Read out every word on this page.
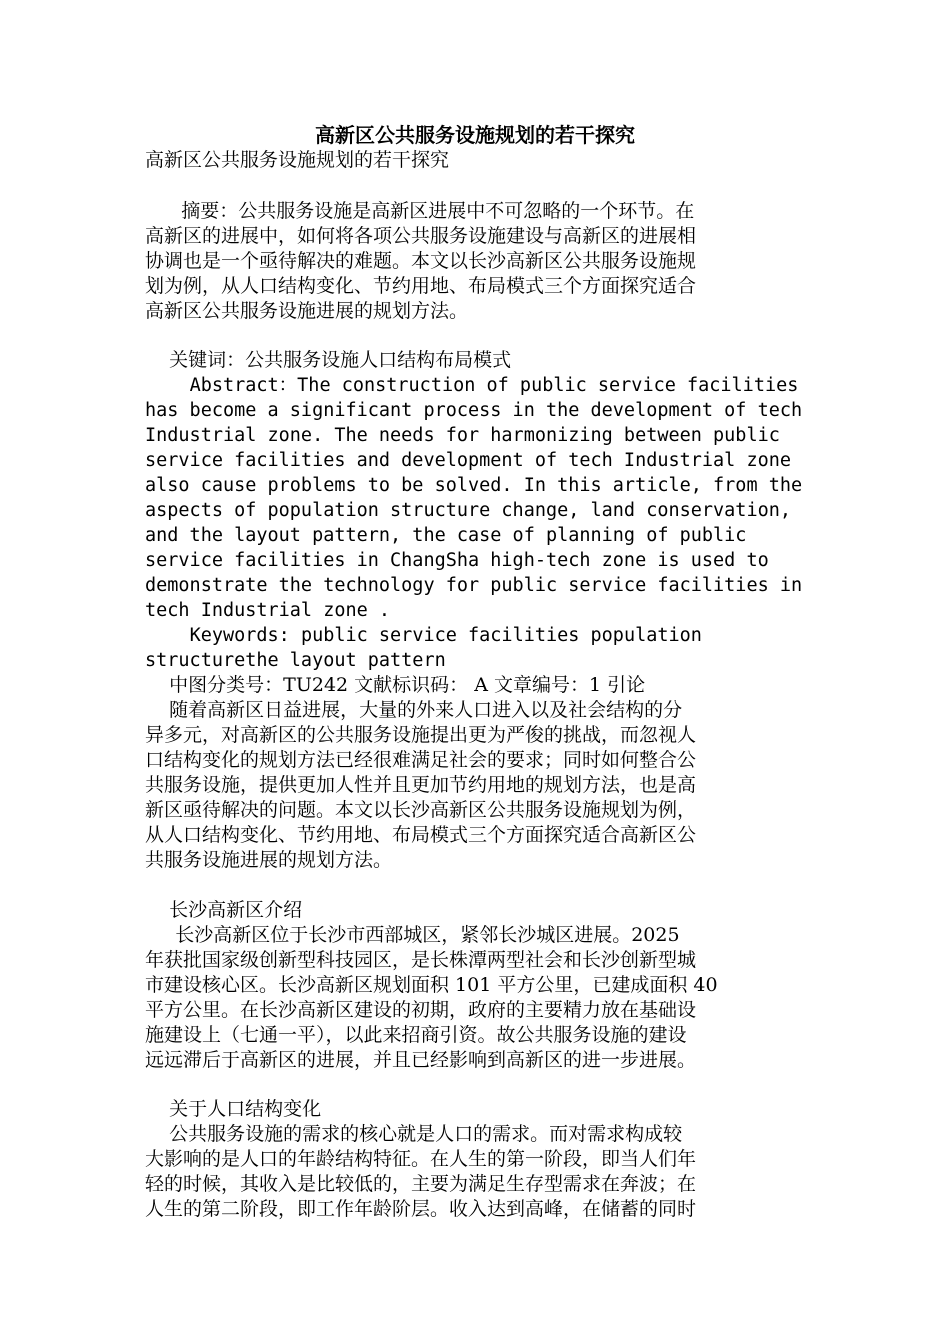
高新区公共服务设施规划的若干探究
高新区公共服务设施规划的若干探究
摘要：公共服务设施是高新区进展中不可忽略的一个环节。在
高新区的进展中，如何将各项公共服务设施建设与高新区的进展相
协调也是一个亟待解决的难题。本文以长沙高新区公共服务设施规
划为例，从人口结构变化、节约用地、布局模式三个方面探究适合
高新区公共服务设施进展的规划方法。
关键词：公共服务设施人口结构布局模式
Abstract：The construction of public service facilities
has become a significant process in the development of tech
Industrial zone. The needs for harmonizing between public
service facilities and development of tech Industrial zone
also cause problems to be solved. In this article, from the
aspects of population structure change, land conservation,
and the layout pattern, the case of planning of public
service facilities in ChangSha high-tech zone is used to
demonstrate the technology for public service facilities in
tech Industrial zone .
Keywords: public service facilities population
structurethe layout pattern
中图分类号：TU242 文献标识码： A 文章编号：1 引论
随着高新区日益进展，大量的外来人口进入以及社会结构的分
异多元，对高新区的公共服务设施提出更为严俊的挑战，而忽视人
口结构变化的规划方法已经很难满足社会的要求；同时如何整合公
共服务设施，提供更加人性并且更加节约用地的规划方法，也是高
新区亟待解决的问题。本文以长沙高新区公共服务设施规划为例，
从人口结构变化、节约用地、布局模式三个方面探究适合高新区公
共服务设施进展的规划方法。
长沙高新区介绍
长沙高新区位于长沙市西部城区，紧邻长沙城区进展。2025
年获批国家级创新型科技园区，是长株潭两型社会和长沙创新型城
市建设核心区。长沙高新区规划面积 101 平方公里，已建成面积 40
平方公里。在长沙高新区建设的初期，政府的主要精力放在基础设
施建设上（七通一平），以此来招商引资。故公共服务设施的建设
远远滞后于高新区的进展，并且已经影响到高新区的进一步进展。
关于人口结构变化
公共服务设施的需求的核心就是人口的需求。而对需求构成较
大影响的是人口的年龄结构特征。在人生的第一阶段，即当人们年
轻的时候，其收入是比较低的，主要为满足生存型需求在奔波；在
人生的第二阶段，即工作年龄阶层。收入达到高峰，在储蓄的同时
